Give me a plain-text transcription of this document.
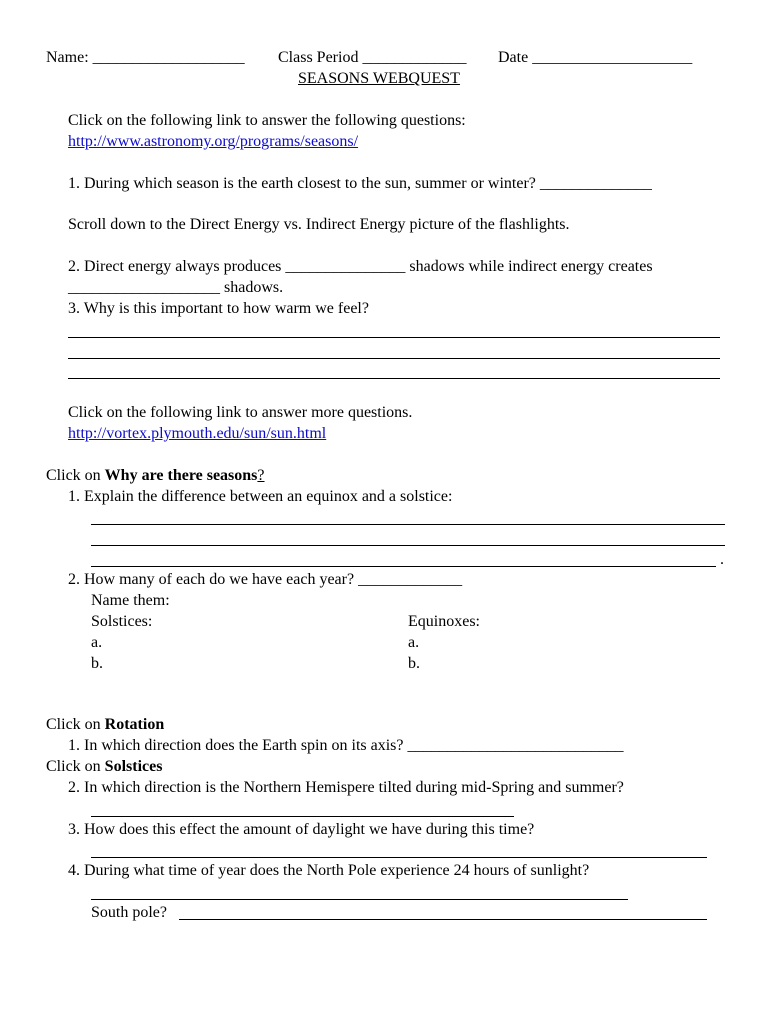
Name: ___________________ Class Period _____________ Date ____________________
SEASONS WEBQUEST
Click on the following link to answer the following questions:
http://www.astronomy.org/programs/seasons/
1. During which season is the earth closest to the sun, summer or winter? ______________
Scroll down to the Direct Energy vs. Indirect Energy picture of the flashlights.
2. Direct energy always produces _______________ shadows while indirect energy creates
___________________ shadows.
3. Why is this important to how warm we feel?
Click on the following link to answer more questions.
http://vortex.plymouth.edu/sun/sun.html
Click on Why are there seasons?
1. Explain the difference between an equinox and a solstice:
.
2. How many of each do we have each year? _____________
Name them:
Solstices:	Equinoxes:
a.	a.
b.	b.
Click on Rotation
1. In which direction does the Earth spin on its axis? ___________________________
Click on Solstices
2. In which direction is the Northern Hemispere tilted during mid-Spring and summer?
3. How does this effect the amount of daylight we have during this time?
4. During what time of year does the North Pole experience 24 hours of sunlight?
South pole?
